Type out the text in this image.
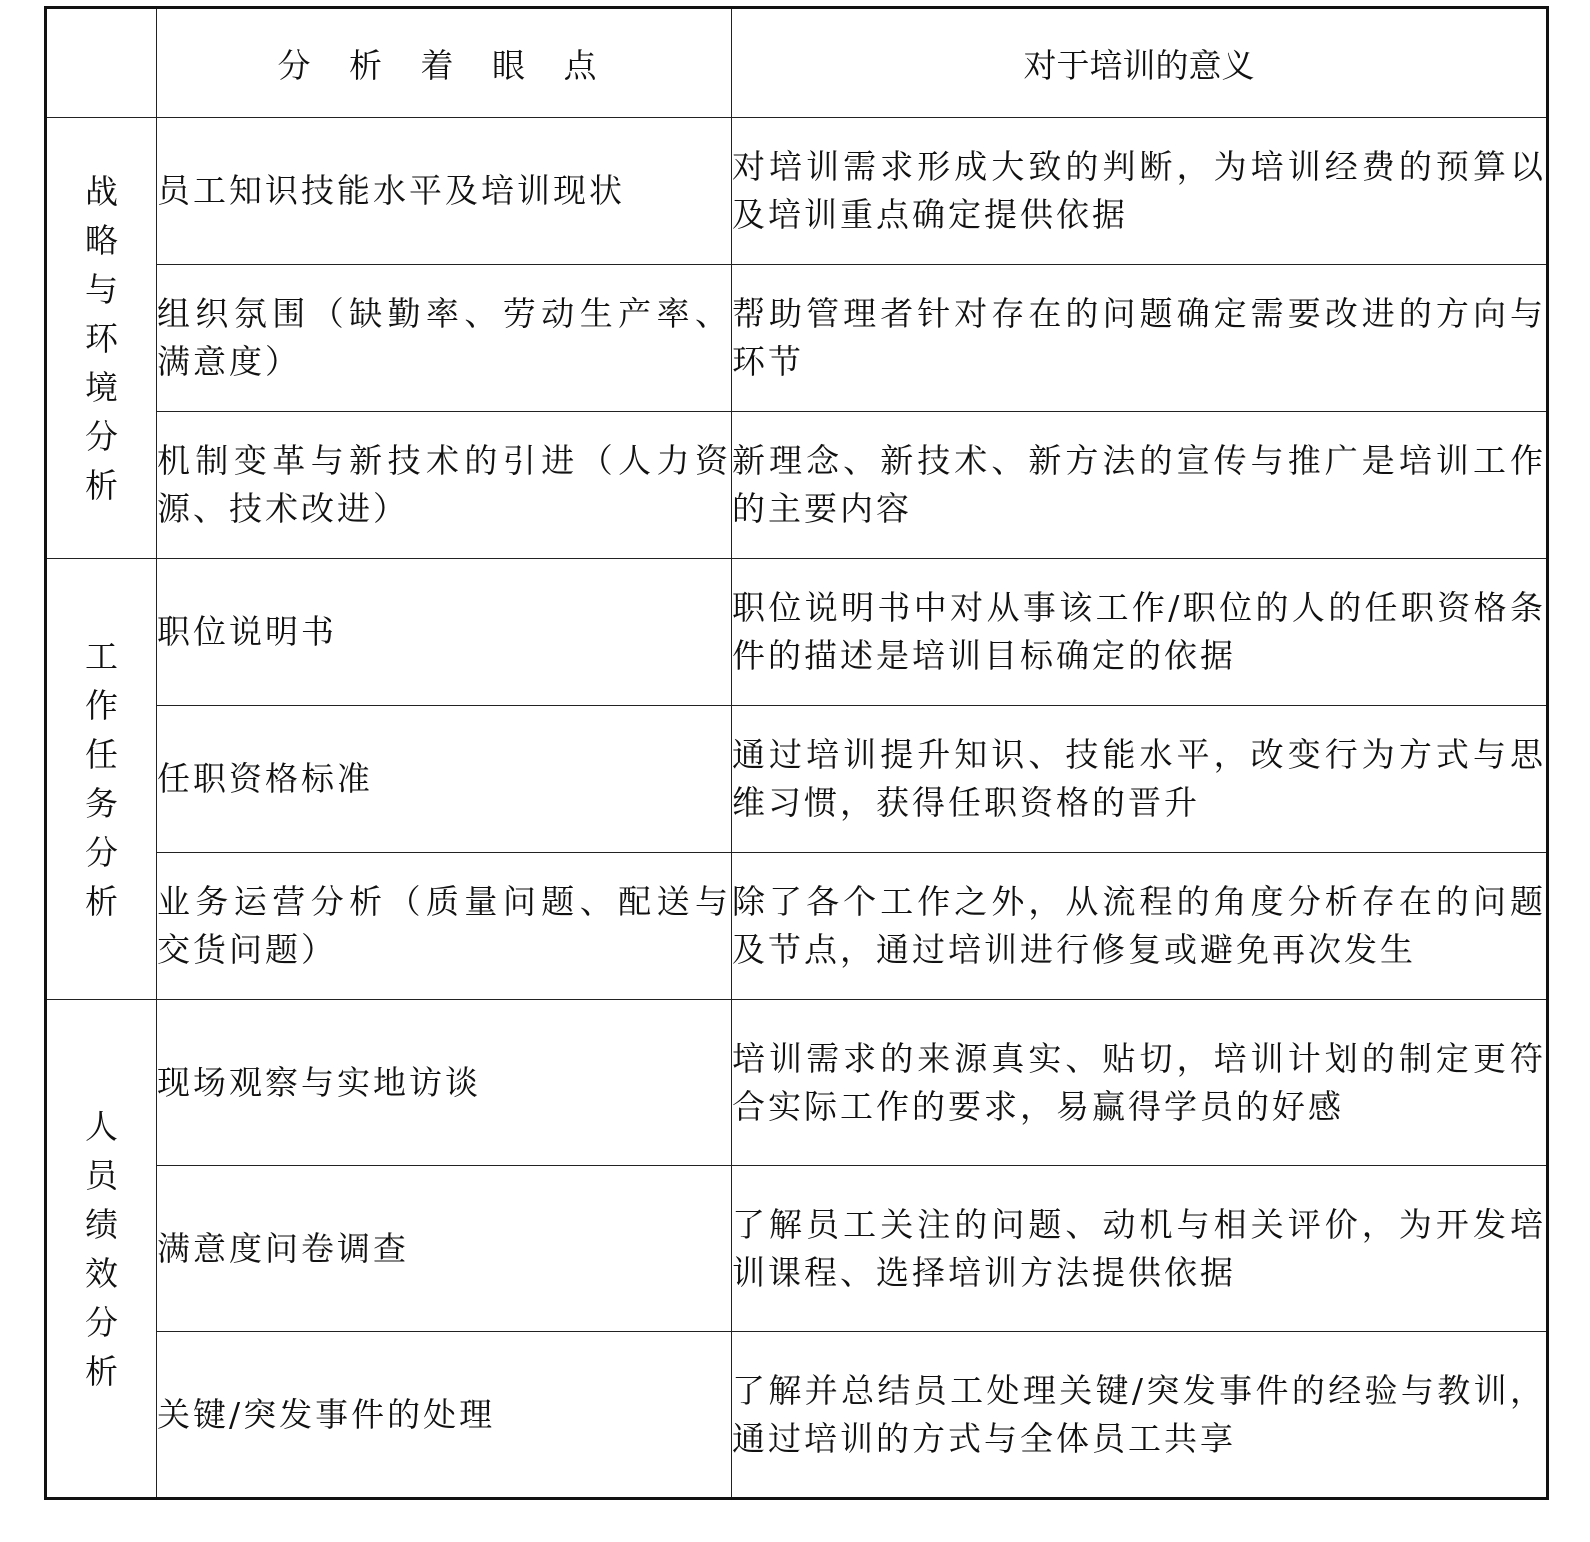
	分 析 着 眼 点	对于培训的意义
战略与环境分析	员工知识技能水平及培训现状	对培训需求形成大致的判断，为培训经费的预算以及培训重点确定提供依据
	组织氛围（缺勤率、劳动生产率、满意度）	帮助管理者针对存在的问题确定需要改进的方向与环节
	机制变革与新技术的引进（人力资源、技术改进）	新理念、新技术、新方法的宣传与推广是培训工作的主要内容
工作任务分析	职位说明书	职位说明书中对从事该工作/职位的人的任职资格条件的描述是培训目标确定的依据
	任职资格标准	通过培训提升知识、技能水平，改变行为方式与思维习惯，获得任职资格的晋升
	业务运营分析（质量问题、配送与交货问题）	除了各个工作之外，从流程的角度分析存在的问题及节点，通过培训进行修复或避免再次发生
人员绩效分析	现场观察与实地访谈	培训需求的来源真实、贴切，培训计划的制定更符合实际工作的要求，易赢得学员的好感
	满意度问卷调查	了解员工关注的问题、动机与相关评价，为开发培训课程、选择培训方法提供依据
	关键/突发事件的处理	了解并总结员工处理关键/突发事件的经验与教训，通过培训的方式与全体员工共享
